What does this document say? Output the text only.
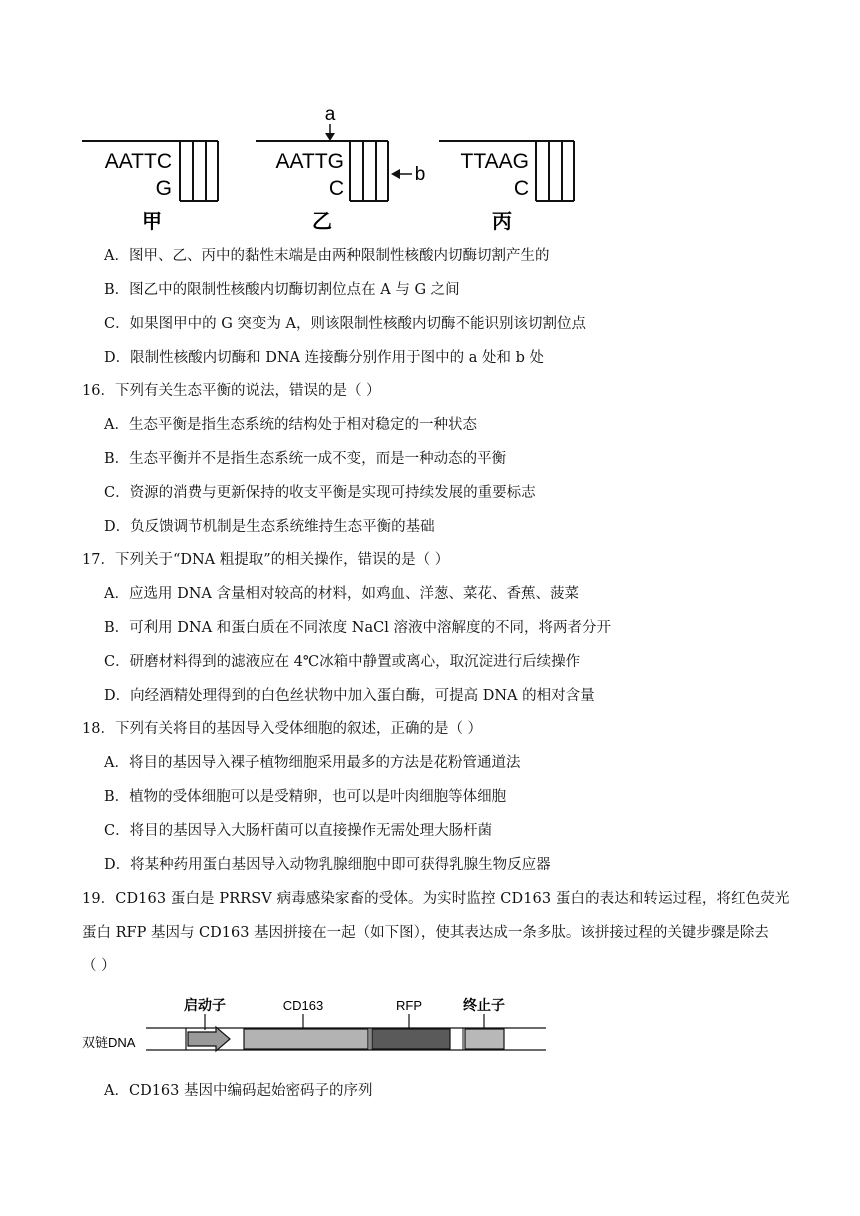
AATTC
G
甲
AATTG
C
乙
a
b
TTAAG
C
丙
A．图甲、乙、丙中的黏性末端是由两种限制性核酸内切酶切割产生的
B．图乙中的限制性核酸内切酶切割位点在 A 与 G 之间
C．如果图甲中的 G 突变为 A，则该限制性核酸内切酶不能识别该切割位点
D．限制性核酸内切酶和 DNA 连接酶分别作用于图中的 a 处和 b 处
16．下列有关生态平衡的说法，错误的是（ ）
A．生态平衡是指生态系统的结构处于相对稳定的一种状态
B．生态平衡并不是指生态系统一成不变，而是一种动态的平衡
C．资源的消费与更新保持的收支平衡是实现可持续发展的重要标志
D．负反馈调节机制是生态系统维持生态平衡的基础
17．下列关于“DNA 粗提取”的相关操作，错误的是（ ）
A．应选用 DNA 含量相对较高的材料，如鸡血、洋葱、菜花、香蕉、菠菜
B．可利用 DNA 和蛋白质在不同浓度 NaCl 溶液中溶解度的不同，将两者分开
C．研磨材料得到的滤液应在 4℃冰箱中静置或离心，取沉淀进行后续操作
D．向经酒精处理得到的白色丝状物中加入蛋白酶，可提高 DNA 的相对含量
18．下列有关将目的基因导入受体细胞的叙述，正确的是（ ）
A．将目的基因导入裸子植物细胞采用最多的方法是花粉管通道法
B．植物的受体细胞可以是受精卵，也可以是叶肉细胞等体细胞
C．将目的基因导入大肠杆菌可以直接操作无需处理大肠杆菌
D．将某种药用蛋白基因导入动物乳腺细胞中即可获得乳腺生物反应器
19．CD163 蛋白是 PRRSV 病毒感染家畜的受体。为实时监控 CD163 蛋白的表达和转运过程，将红色荧光
蛋白 RFP 基因与 CD163 基因拼接在一起（如下图），使其表达成一条多肽。该拼接过程的关键步骤是除去
（ ）
启动子	CD163	RFP	终止子
双链DNA
A．CD163 基因中编码起始密码子的序列
